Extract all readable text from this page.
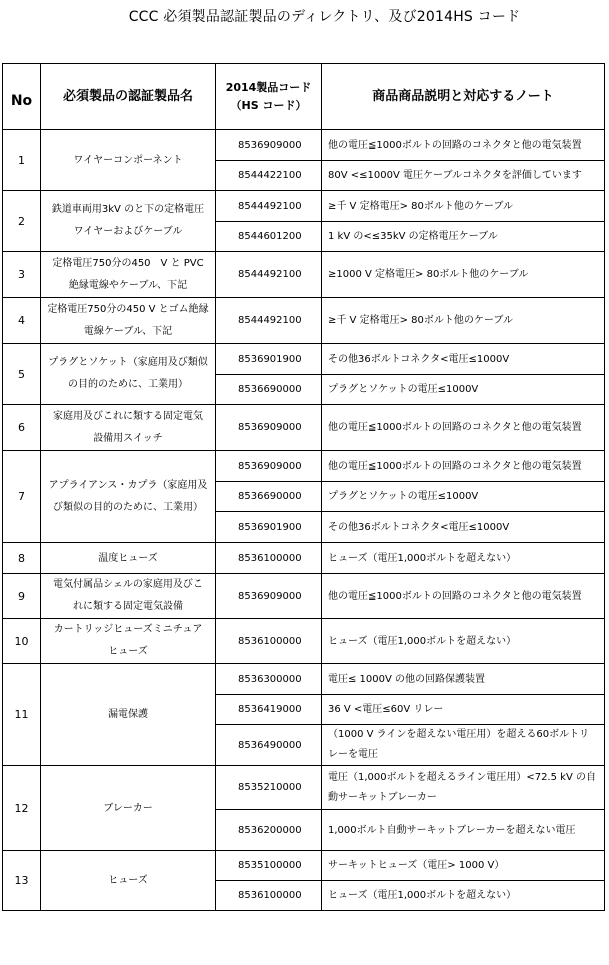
CCC 必須製品認証製品のディレクトリ、及び2014HS コード
No	必須製品の認証製品名	2014製品コード
（HS コード）	商品商品説明と対応するノート
1	ワイヤーコンポーネント	8536909000	他の電圧≦1000ボルトの回路のコネクタと他の電気装置
		8544422100	80V <≤1000V 電圧ケーブルコネクタを評価しています
2	鉄道車両用3kV のと下の定格電圧
ワイヤーおよびケーブル	8544492100	≥千 V 定格電圧> 80ボルト他のケーブル
		8544601200	1 kV の<≤35kV の定格電圧ケーブル
3	定格電圧750分の450　V と PVC
絶縁電線やケーブル、下記	8544492100	≥1000 V 定格電圧> 80ボルト他のケーブル
4	定格電圧750分の450 V とゴム絶縁
電線ケーブル、下記	8544492100	≥千 V 定格電圧> 80ボルト他のケーブル
5	プラグとソケット（家庭用及び類似
の目的のために、工業用）	8536901900	その他36ボルトコネクタ<電圧≤1000V
		8536690000	プラグとソケットの電圧≤1000V
6	家庭用及びこれに類する固定電気
設備用スイッチ	8536909000	他の電圧≦1000ボルトの回路のコネクタと他の電気装置
7	アプライアンス・カプラ（家庭用及
び類似の目的のために、工業用）	8536909000	他の電圧≦1000ボルトの回路のコネクタと他の電気装置
		8536690000	プラグとソケットの電圧≤1000V
		8536901900	その他36ボルトコネクタ<電圧≤1000V
8	温度ヒューズ	8536100000	ヒューズ（電圧1,000ボルトを超えない）
9	電気付属品シェルの家庭用及びこ
れに類する固定電気設備	8536909000	他の電圧≦1000ボルトの回路のコネクタと他の電気装置
10	カートリッジヒューズミニチュア
ヒューズ	8536100000	ヒューズ（電圧1,000ボルトを超えない）
11	漏電保護	8536300000	電圧≤ 1000V の他の回路保護装置
		8536419000	36 V <電圧≤60V リレー
		8536490000	（1000 V ラインを超えない電圧用）を超える60ボルトリレーを電圧
12	ブレーカー	8535210000	電圧（1,000ボルトを超えるライン電圧用）<72.5 kV の自動サーキットブレーカー
		8536200000	1,000ボルト自動サーキットブレーカーを超えない電圧
13	ヒューズ	8535100000	サーキットヒューズ（電圧> 1000 V）
		8536100000	ヒューズ（電圧1,000ボルトを超えない）
